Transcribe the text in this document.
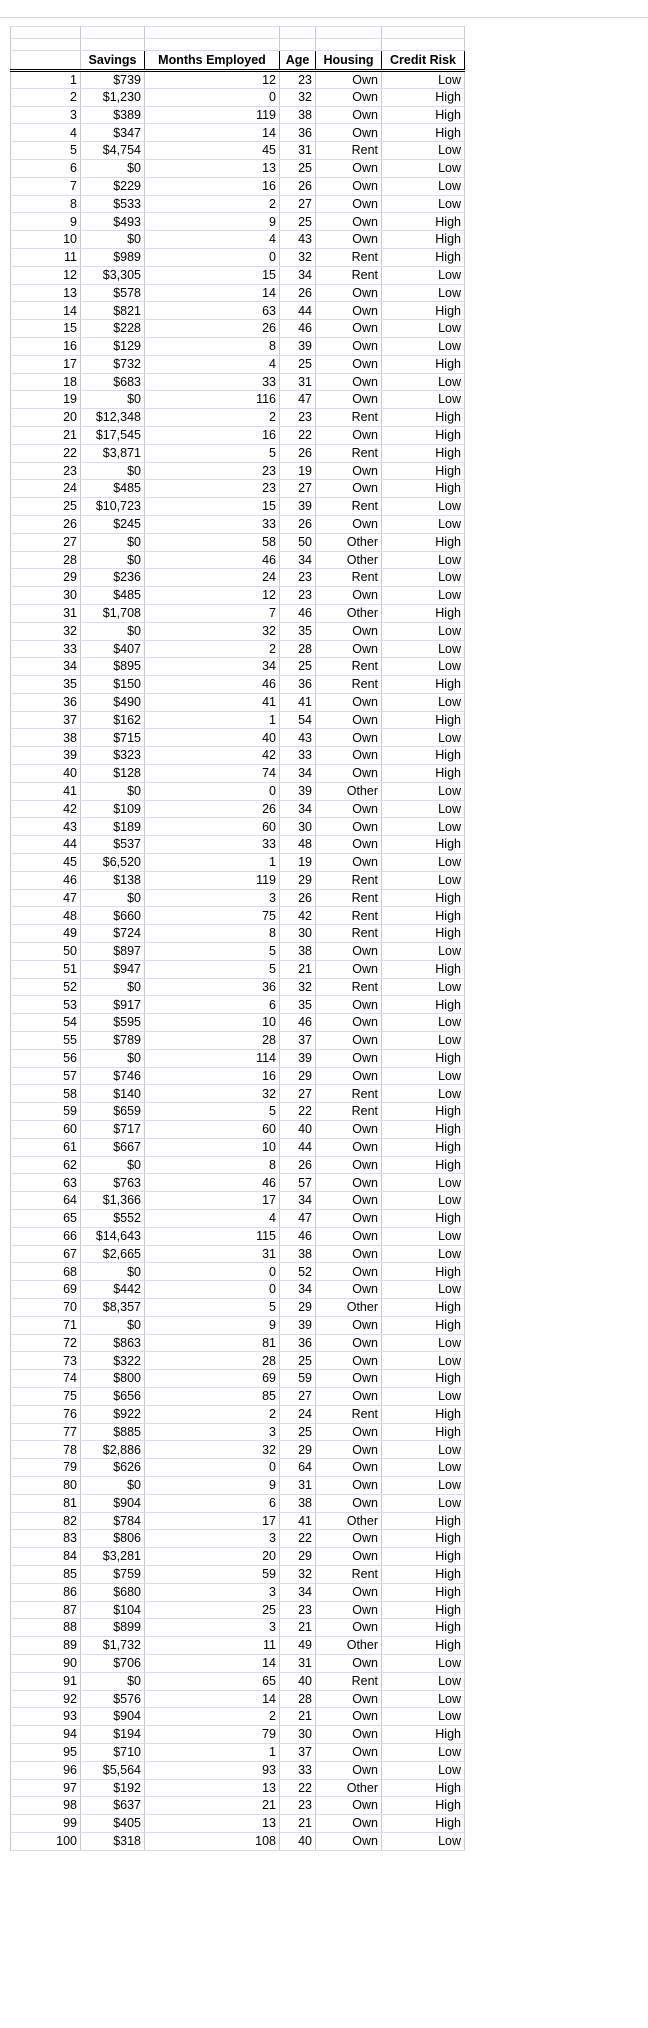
	Savings	Months Employed	Age	Housing	Credit Risk
1	$739	12	23	Own	Low
2	$1,230	0	32	Own	High
3	$389	119	38	Own	High
4	$347	14	36	Own	High
5	$4,754	45	31	Rent	Low
6	$0	13	25	Own	Low
7	$229	16	26	Own	Low
8	$533	2	27	Own	Low
9	$493	9	25	Own	High
10	$0	4	43	Own	High
11	$989	0	32	Rent	High
12	$3,305	15	34	Rent	Low
13	$578	14	26	Own	Low
14	$821	63	44	Own	High
15	$228	26	46	Own	Low
16	$129	8	39	Own	Low
17	$732	4	25	Own	High
18	$683	33	31	Own	Low
19	$0	116	47	Own	Low
20	$12,348	2	23	Rent	High
21	$17,545	16	22	Own	High
22	$3,871	5	26	Rent	High
23	$0	23	19	Own	High
24	$485	23	27	Own	High
25	$10,723	15	39	Rent	Low
26	$245	33	26	Own	Low
27	$0	58	50	Other	High
28	$0	46	34	Other	Low
29	$236	24	23	Rent	Low
30	$485	12	23	Own	Low
31	$1,708	7	46	Other	High
32	$0	32	35	Own	Low
33	$407	2	28	Own	Low
34	$895	34	25	Rent	Low
35	$150	46	36	Rent	High
36	$490	41	41	Own	Low
37	$162	1	54	Own	High
38	$715	40	43	Own	Low
39	$323	42	33	Own	High
40	$128	74	34	Own	High
41	$0	0	39	Other	Low
42	$109	26	34	Own	Low
43	$189	60	30	Own	Low
44	$537	33	48	Own	High
45	$6,520	1	19	Own	Low
46	$138	119	29	Rent	Low
47	$0	3	26	Rent	High
48	$660	75	42	Rent	High
49	$724	8	30	Rent	High
50	$897	5	38	Own	Low
51	$947	5	21	Own	High
52	$0	36	32	Rent	Low
53	$917	6	35	Own	High
54	$595	10	46	Own	Low
55	$789	28	37	Own	Low
56	$0	114	39	Own	High
57	$746	16	29	Own	Low
58	$140	32	27	Rent	Low
59	$659	5	22	Rent	High
60	$717	60	40	Own	High
61	$667	10	44	Own	High
62	$0	8	26	Own	High
63	$763	46	57	Own	Low
64	$1,366	17	34	Own	Low
65	$552	4	47	Own	High
66	$14,643	115	46	Own	Low
67	$2,665	31	38	Own	Low
68	$0	0	52	Own	High
69	$442	0	34	Own	Low
70	$8,357	5	29	Other	High
71	$0	9	39	Own	High
72	$863	81	36	Own	Low
73	$322	28	25	Own	Low
74	$800	69	59	Own	High
75	$656	85	27	Own	Low
76	$922	2	24	Rent	High
77	$885	3	25	Own	High
78	$2,886	32	29	Own	Low
79	$626	0	64	Own	Low
80	$0	9	31	Own	Low
81	$904	6	38	Own	Low
82	$784	17	41	Other	High
83	$806	3	22	Own	High
84	$3,281	20	29	Own	High
85	$759	59	32	Rent	High
86	$680	3	34	Own	High
87	$104	25	23	Own	High
88	$899	3	21	Own	High
89	$1,732	11	49	Other	High
90	$706	14	31	Own	Low
91	$0	65	40	Rent	Low
92	$576	14	28	Own	Low
93	$904	2	21	Own	Low
94	$194	79	30	Own	High
95	$710	1	37	Own	Low
96	$5,564	93	33	Own	Low
97	$192	13	22	Other	High
98	$637	21	23	Own	High
99	$405	13	21	Own	High
100	$318	108	40	Own	Low
